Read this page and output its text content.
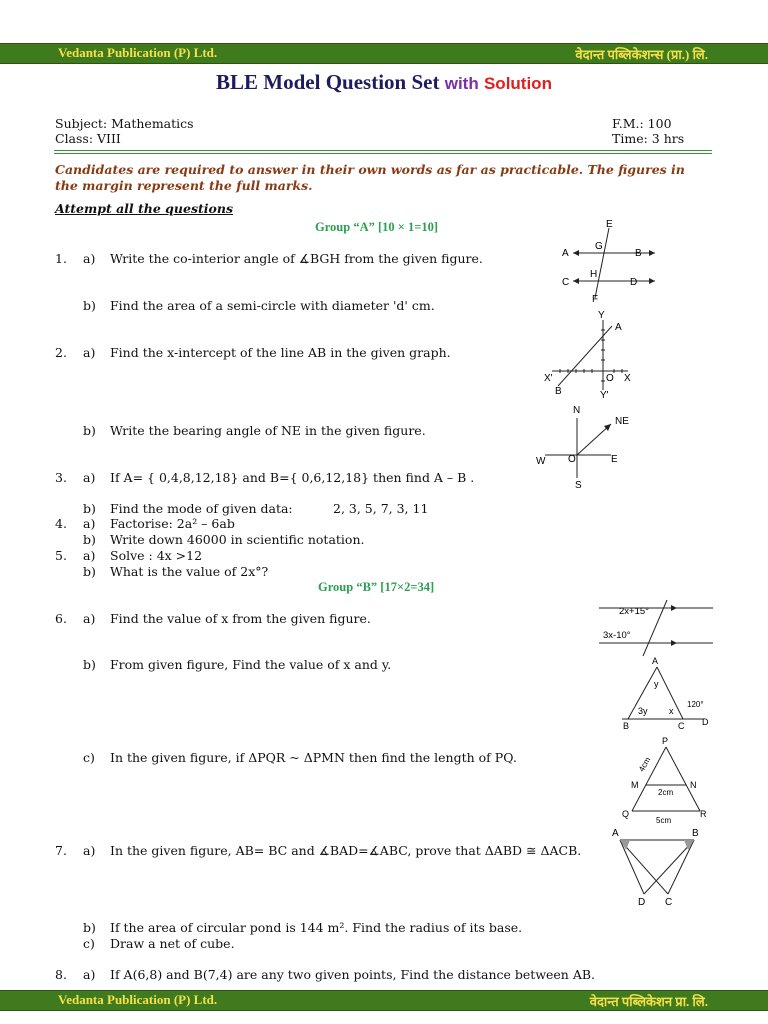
Vedanta Publication (P) Ltd.	वेदान्त पब्लिकेशन्स (प्रा.) लि.
BLE Model Question Set with Solution
Subject: Mathematics
Class: VIII
F.M.: 100
Time: 3 hrs
Candidates are required to answer in their own words as far as practicable. The figures in the margin represent the full marks.
Attempt all the questions
Group “A” [10 × 1=10]
1. a) Write the co-interior angle of ∡BGH from the given figure.
b) Find the area of a semi-circle with diameter 'd' cm.
2. a) Find the x-intercept of the line AB in the given graph.
b) Write the bearing angle of NE in the given figure.
3. a) If A= { 0,4,8,12,18} and B={ 0,6,12,18} then find A – B .
b) Find the mode of given data:	2, 3, 5, 7, 3, 11
4. a) Factorise: 2a² – 6ab
b) Write down 46000 in scientific notation.
5. a) Solve : 4x >12
b) What is the value of 2x°?
Group “B” [17×2=34]
6. a) Find the value of x from the given figure.
b) From given figure, Find the value of x and y.
c) In the given figure, if ΔPQR ~ ΔPMN then find the length of PQ.
7. a) In the given figure, AB= BC and ∡BAD=∡ABC, prove that ΔABD ≅ ΔACB.
b) If the area of circular pond is 144 m². Find the radius of its base.
c) Draw a net of cube.
8. a) If A(6,8) and B(7,4) are any two given points, Find the distance between AB.
E
A
G
B
C
H
D
F
Y
A
X'	O X
B	Y'
N
NE
W O	E
S
2x+15°
3x-10°
A
y
120°
3y x
B	C D
P
4cm
M	N
2cm
Q	R
5cm
A	B
D C
Vedanta Publication (P) Ltd.	वेदान्त पब्लिकेशन प्रा. लि.
